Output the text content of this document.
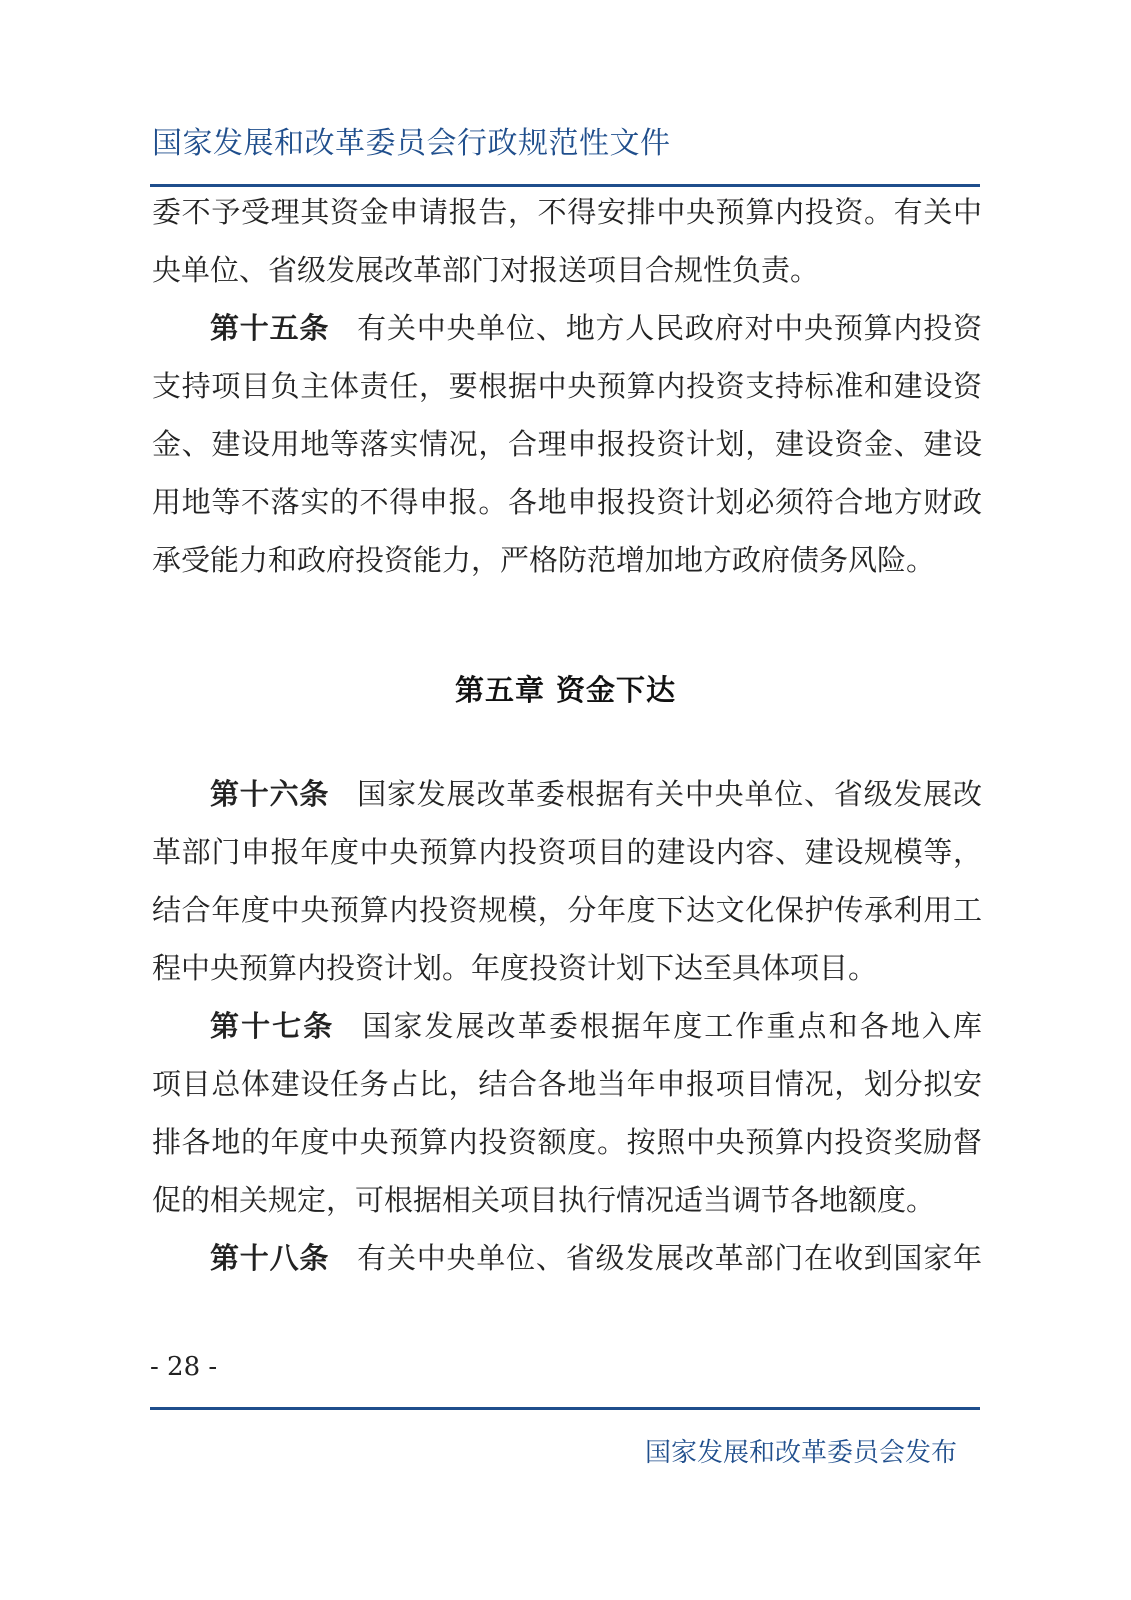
国家发展和改革委员会行政规范性文件
委不予受理其资金申请报告，不得安排中央预算内投资。有关中
央单位、省级发展改革部门对报送项目合规性负责。
第十五条 有关中央单位、地方人民政府对中央预算内投资
支持项目负主体责任，要根据中央预算内投资支持标准和建设资
金、建设用地等落实情况，合理申报投资计划，建设资金、建设
用地等不落实的不得申报。各地申报投资计划必须符合地方财政
承受能力和政府投资能力，严格防范增加地方政府债务风险。
第五章 资金下达
第十六条 国家发展改革委根据有关中央单位、省级发展改
革部门申报年度中央预算内投资项目的建设内容、建设规模等，
结合年度中央预算内投资规模，分年度下达文化保护传承利用工
程中央预算内投资计划。年度投资计划下达至具体项目。
第十七条 国家发展改革委根据年度工作重点和各地入库
项目总体建设任务占比，结合各地当年申报项目情况，划分拟安
排各地的年度中央预算内投资额度。按照中央预算内投资奖励督
促的相关规定，可根据相关项目执行情况适当调节各地额度。
第十八条 有关中央单位、省级发展改革部门在收到国家年
- 28 -
国家发展和改革委员会发布
